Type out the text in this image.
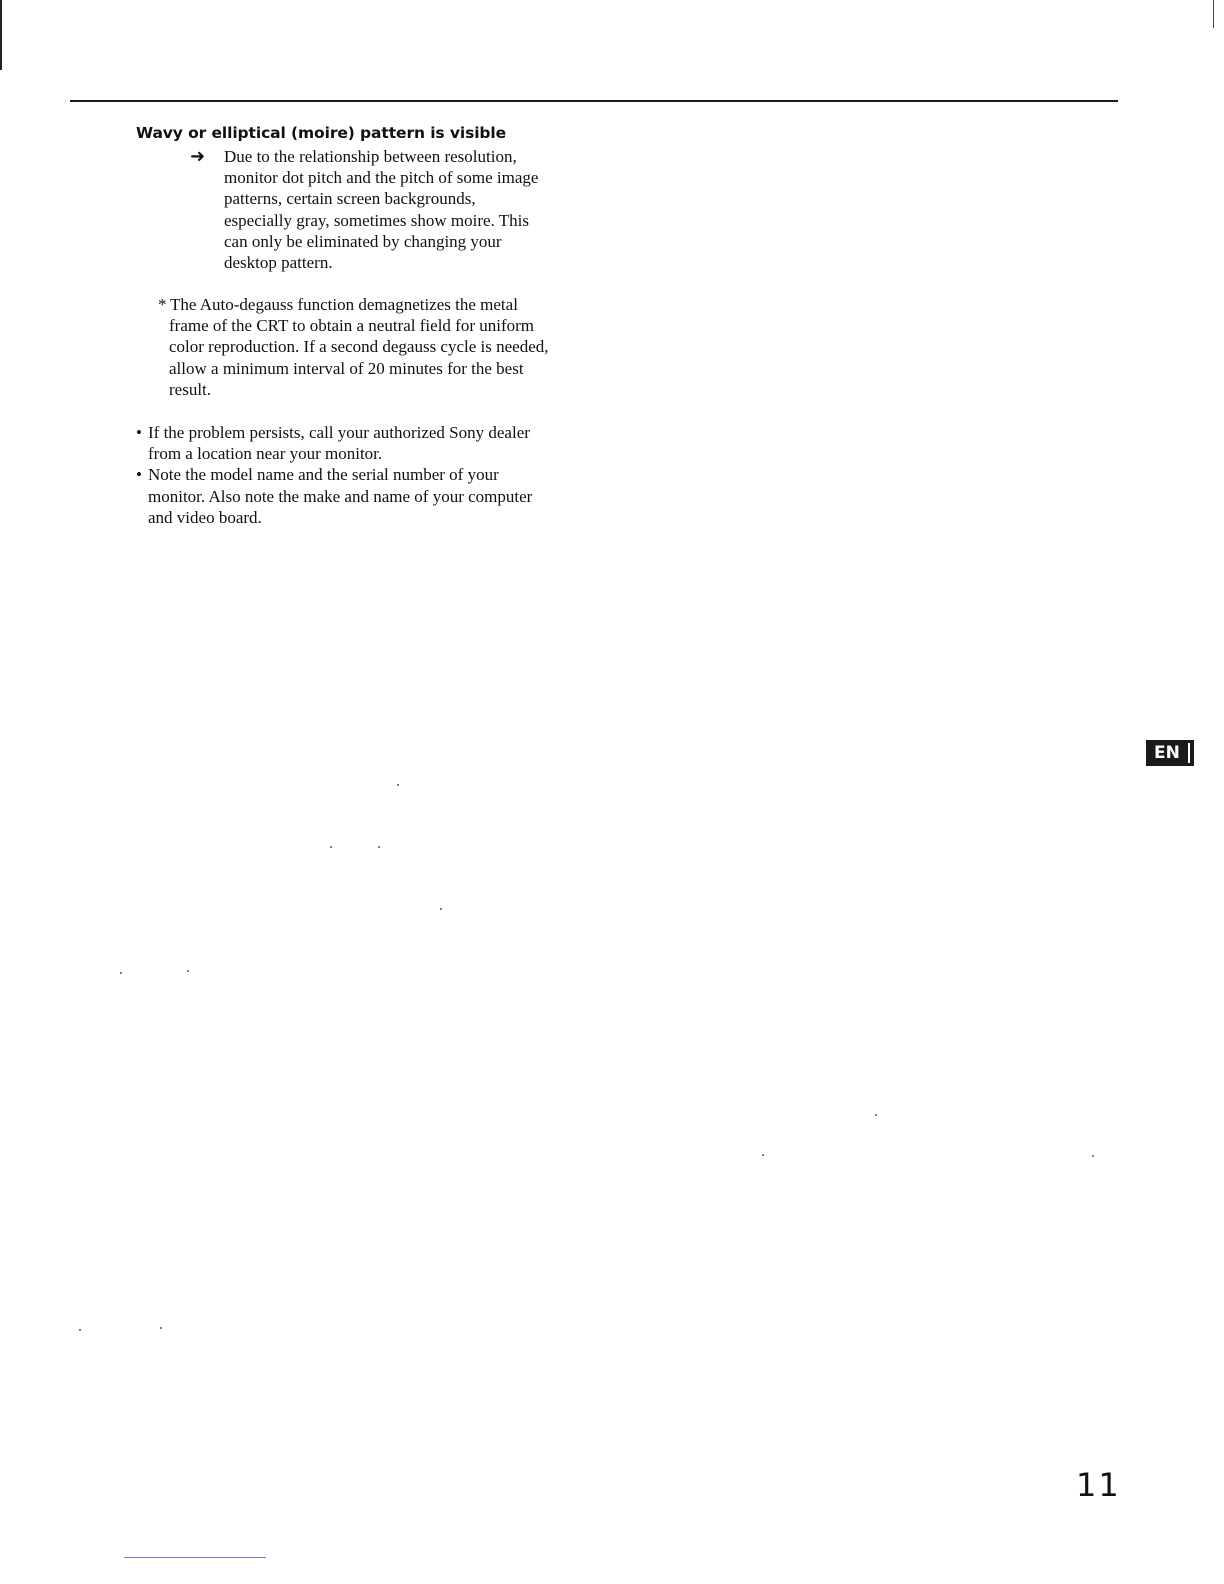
Wavy or elliptical (moire) pattern is visible
➜ Due to the relationship between resolution,
monitor dot pitch and the pitch of some image
patterns, certain screen backgrounds,
especially gray, sometimes show moire. This
can only be eliminated by changing your
desktop pattern.
* The Auto-degauss function demagnetizes the metal
frame of the CRT to obtain a neutral field for uniform
color reproduction. If a second degauss cycle is needed,
allow a minimum interval of 20 minutes for the best
result.
• If the problem persists, call your authorized Sony dealer
from a location near your monitor.
• Note the model name and the serial number of your
monitor. Also note the make and name of your computer
and video board.
EN
11
